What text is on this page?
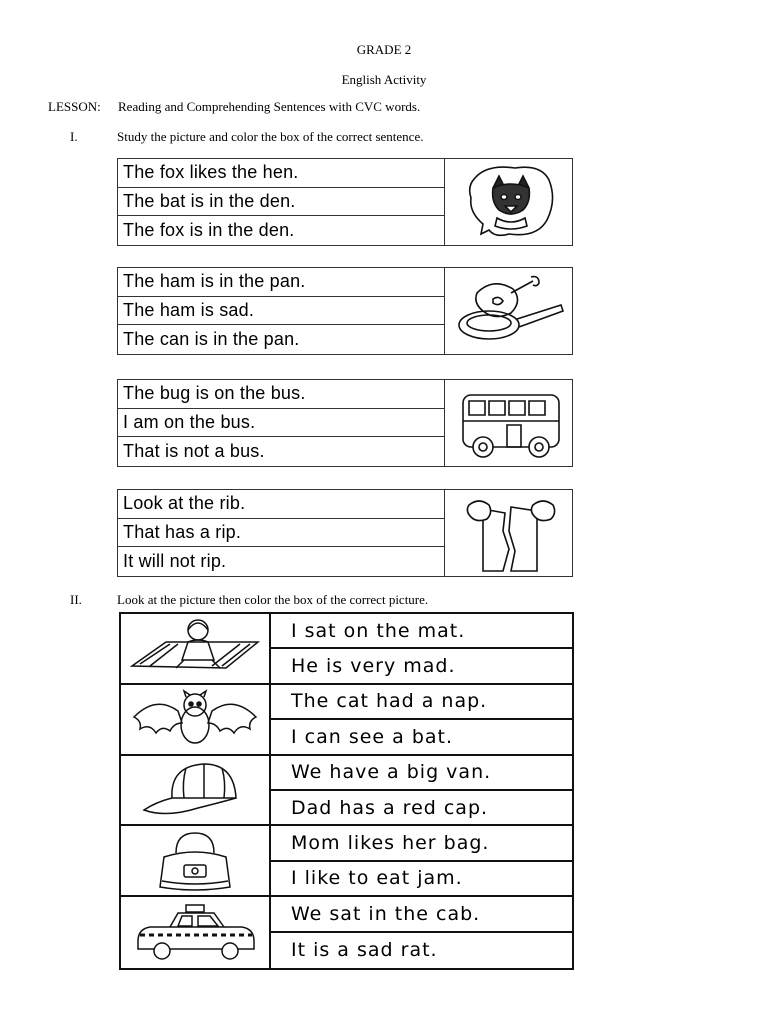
GRADE 2
English Activity
LESSON: Reading and Comprehending Sentences with CVC words.
I.	Study the picture and color the box of the correct sentence.
The fox likes the hen.
The bat is in the den.
The fox is in the den.
The ham is in the pan.
The ham is sad.
The can is in the pan.
The bug is on the bus.
I am on the bus.
That is not a bus.
Look at the rib.
That has a rip.
It will not rip.
II.	Look at the picture then color the box of the correct picture.
I sat on the mat.
He is very mad.
The cat had a nap.
I can see a bat.
We have a big van.
Dad has a red cap.
Mom likes her bag.
I like to eat jam.
We sat in the cab.
It is a sad rat.
